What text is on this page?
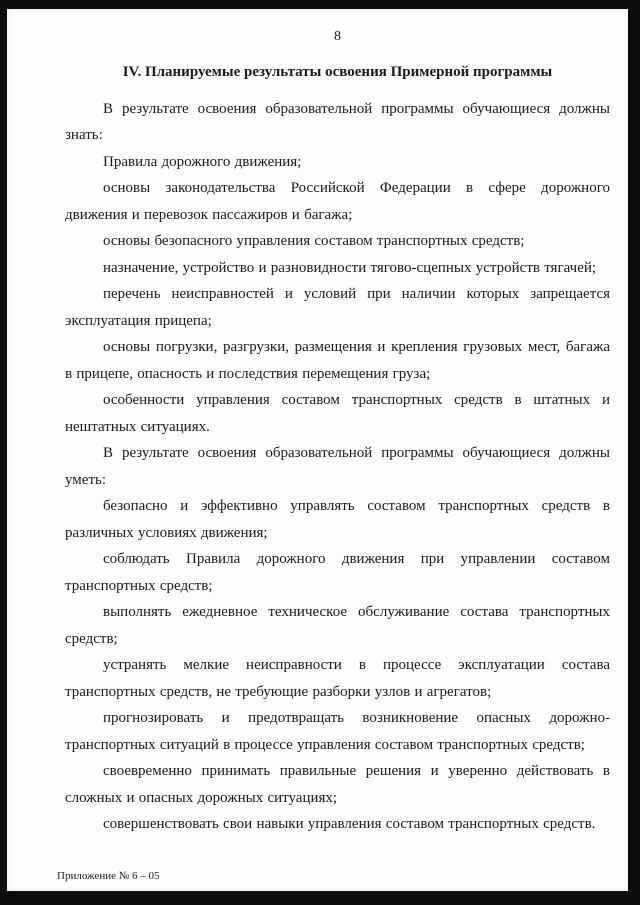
8
IV. Планируемые результаты освоения Примерной программы

В результате освоения образовательной программы обучающиеся должны знать:

Правила дорожного движения;

основы законодательства Российской Федерации в сфере дорожного движения и перевозок пассажиров и багажа;

основы безопасного управления составом транспортных средств;

назначение, устройство и разновидности тягово-сцепных устройств тягачей;

перечень неисправностей и условий при наличии которых запрещается эксплуатация прицепа;

основы погрузки, разгрузки, размещения и крепления грузовых мест, багажа в прицепе, опасность и последствия перемещения груза;

особенности управления составом транспортных средств в штатных и нештатных ситуациях.

В результате освоения образовательной программы обучающиеся должны уметь:

безопасно и эффективно управлять составом транспортных средств в различных условиях движения;

соблюдать Правила дорожного движения при управлении составом транспортных средств;

выполнять ежедневное техническое обслуживание состава транспортных средств;

устранять мелкие неисправности в процессе эксплуатации состава транспортных средств, не требующие разборки узлов и агрегатов;

прогнозировать и предотвращать возникновение опасных дорожно-транспортных ситуаций в процессе управления составом транспортных средств;

своевременно принимать правильные решения и уверенно действовать в сложных и опасных дорожных ситуациях;

совершенствовать свои навыки управления составом транспортных средств.

Приложение № 6 – 05
